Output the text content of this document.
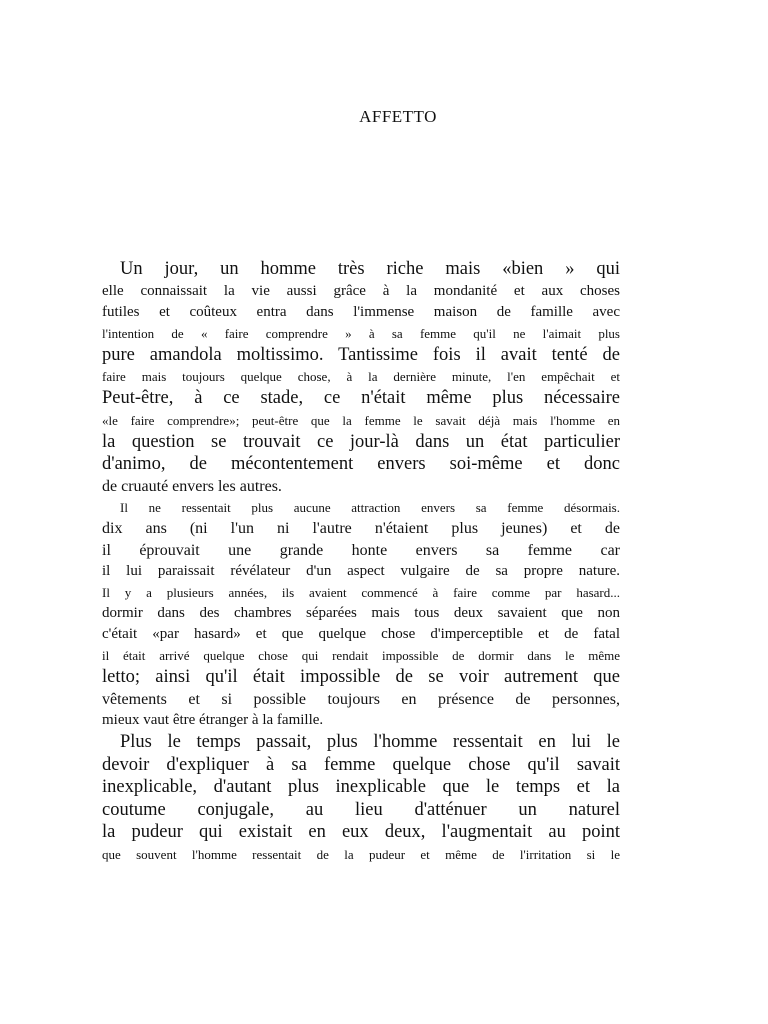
AFFETTO
Un jour, un homme très riche mais «bien » qui
elle connaissait la vie aussi grâce à la mondanité et aux choses
futiles et coûteux entra dans l'immense maison de famille avec
l'intention de « faire comprendre » à sa femme qu'il ne l'aimait plus
pure amandola moltissimo. Tantissime fois il avait tenté de
faire mais toujours quelque chose, à la dernière minute, l'en empêchait et
Peut-être, à ce stade, ce n'était même plus nécessaire
«le faire comprendre»; peut-être que la femme le savait déjà mais l'homme en
la question se trouvait ce jour-là dans un état particulier
d'animo, de mécontentement envers soi-même et donc
de cruauté envers les autres.
Il ne ressentait plus aucune attraction envers sa femme désormais.
dix ans (ni l'un ni l'autre n'étaient plus jeunes) et de
il éprouvait une grande honte envers sa femme car
il lui paraissait révélateur d'un aspect vulgaire de sa propre nature.
Il y a plusieurs années, ils avaient commencé à faire comme par hasard...
dormir dans des chambres séparées mais tous deux savaient que non
c'était «par hasard» et que quelque chose d'imperceptible et de fatal
il était arrivé quelque chose qui rendait impossible de dormir dans le même
letto; ainsi qu'il était impossible de se voir autrement que
vêtements et si possible toujours en présence de personnes,
mieux vaut être étranger à la famille.
Plus le temps passait, plus l'homme ressentait en lui le
devoir d'expliquer à sa femme quelque chose qu'il savait
inexplicable, d'autant plus inexplicable que le temps et la
coutume conjugale, au lieu d'atténuer un naturel
la pudeur qui existait en eux deux, l'augmentait au point
que souvent l'homme ressentait de la pudeur et même de l'irritation si le
